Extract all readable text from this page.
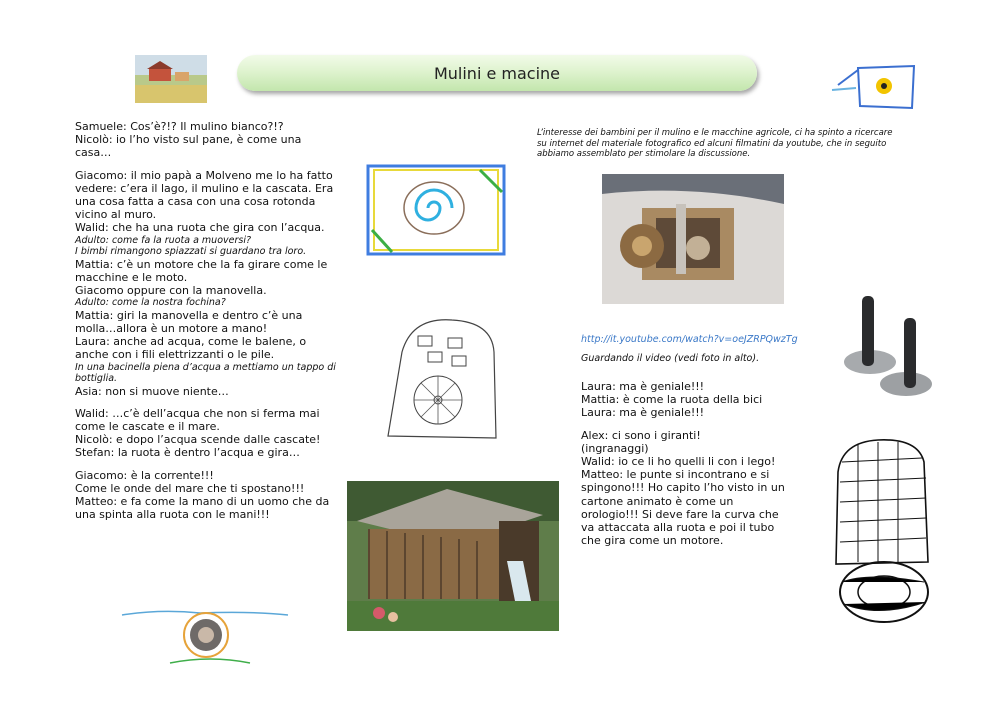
Mulini e macine

Samuele: Cos’è?!? Il mulino bianco?!?

Nicolò: io l’ho visto sul pane, è come una casa…

Giacomo: il mio papà a Molveno me lo ha fatto vedere: c’era il lago, il mulino e la cascata. Era una cosa fatta a casa con una cosa rotonda vicino al muro.

Walid: che ha una ruota che gira con l’acqua.

Adulto: come fa la ruota a muoversi?

I bimbi rimangono spiazzati si guardano tra loro.

Mattia: c’è un motore che la fa girare come le macchine e le moto.

Giacomo oppure con la manovella.

Adulto: come la nostra fochina?

Mattia: giri la manovella e dentro c’è una molla…allora è un motore a mano!

Laura: anche ad acqua, come le balene, o anche con i fili elettrizzanti o le pile.

In una bacinella piena d’acqua a mettiamo un tappo di bottiglia.

Asia: non si muove niente…

Walid: …c’è dell’acqua che non si ferma mai come le cascate e il mare.

Nicolò: e dopo l’acqua scende dalle cascate!

Stefan: la ruota è dentro l’acqua e gira…

Giacomo: è la corrente!!!

Come le onde del mare che ti spostano!!!

Matteo: e fa come la mano di un uomo che da una spinta alla ruota con le mani!!!

L’interesse dei bambini per il mulino e le macchine agricole, ci ha spinto a ricercare su internet del materiale fotografico ed alcuni filmatini da youtube, che in seguito abbiamo assemblato per stimolare la discussione.
http://it.youtube.com/watch?v=oeJZRPQwzTg
Guardando il video (vedi foto in alto).

Laura: ma è geniale!!!

Mattia: è come la ruota della bici

Laura: ma è geniale!!!

Alex: ci sono i giranti!

(ingranaggi)

Walid: io ce li ho quelli li con i lego!

Matteo: le punte si incontrano e si spingono!!! Ho capito l’ho visto in un cartone animato è come un orologio!!! Si deve fare la curva che va attaccata alla ruota e poi il tubo che gira come un motore.
